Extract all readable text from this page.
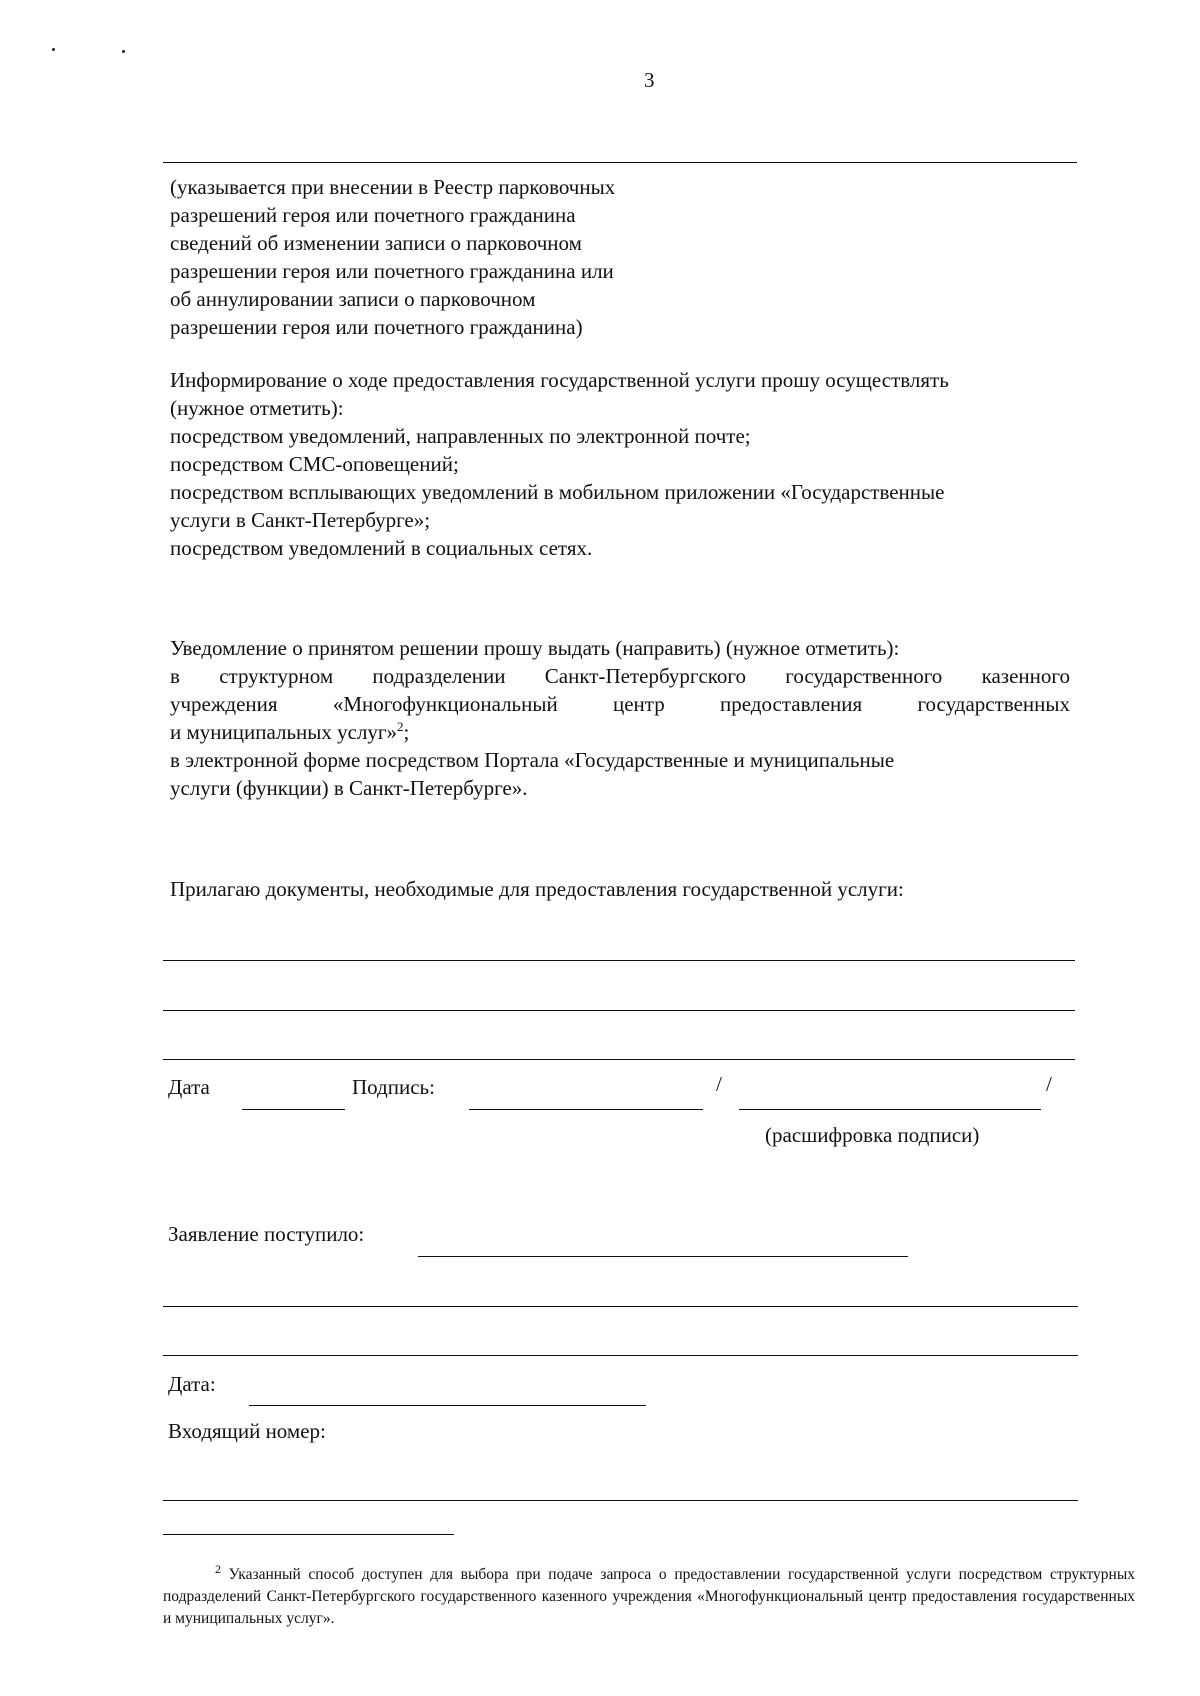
3
(указывается при внесении в Реестр парковочных
разрешений героя или почетного гражданина
сведений об изменении записи о парковочном
разрешении героя или почетного гражданина или
об аннулировании записи о парковочном
разрешении героя или почетного гражданина)
Информирование о ходе предоставления государственной услуги прошу осуществлять
(нужное отметить):
посредством уведомлений, направленных по электронной почте;
посредством СМС-оповещений;
посредством всплывающих уведомлений в мобильном приложении «Государственные
услуги в Санкт-Петербурге»;
посредством уведомлений в социальных сетях.
Уведомление о принятом решении прошу выдать (направить) (нужное отметить):
в структурном подразделении Санкт-Петербургского государственного казенного
учреждения «Многофункциональный центр предоставления государственных
и муниципальных услуг»$^2$;
в электронной форме посредством Портала «Государственные и муниципальные
услуги (функции) в Санкт-Петербурге».
Прилагаю документы, необходимые для предоставления государственной услуги:
Дата	Подпись:	/	/
(расшифровка подписи)
Заявление поступило:
Дата:
Входящий номер:
$^2$ Указанный способ доступен для выбора при подаче запроса о предоставлении государственной услуги посредством структурных подразделений Санкт-Петербургского государственного казенного учреждения «Многофункциональный центр предоставления государственных и муниципальных услуг».
